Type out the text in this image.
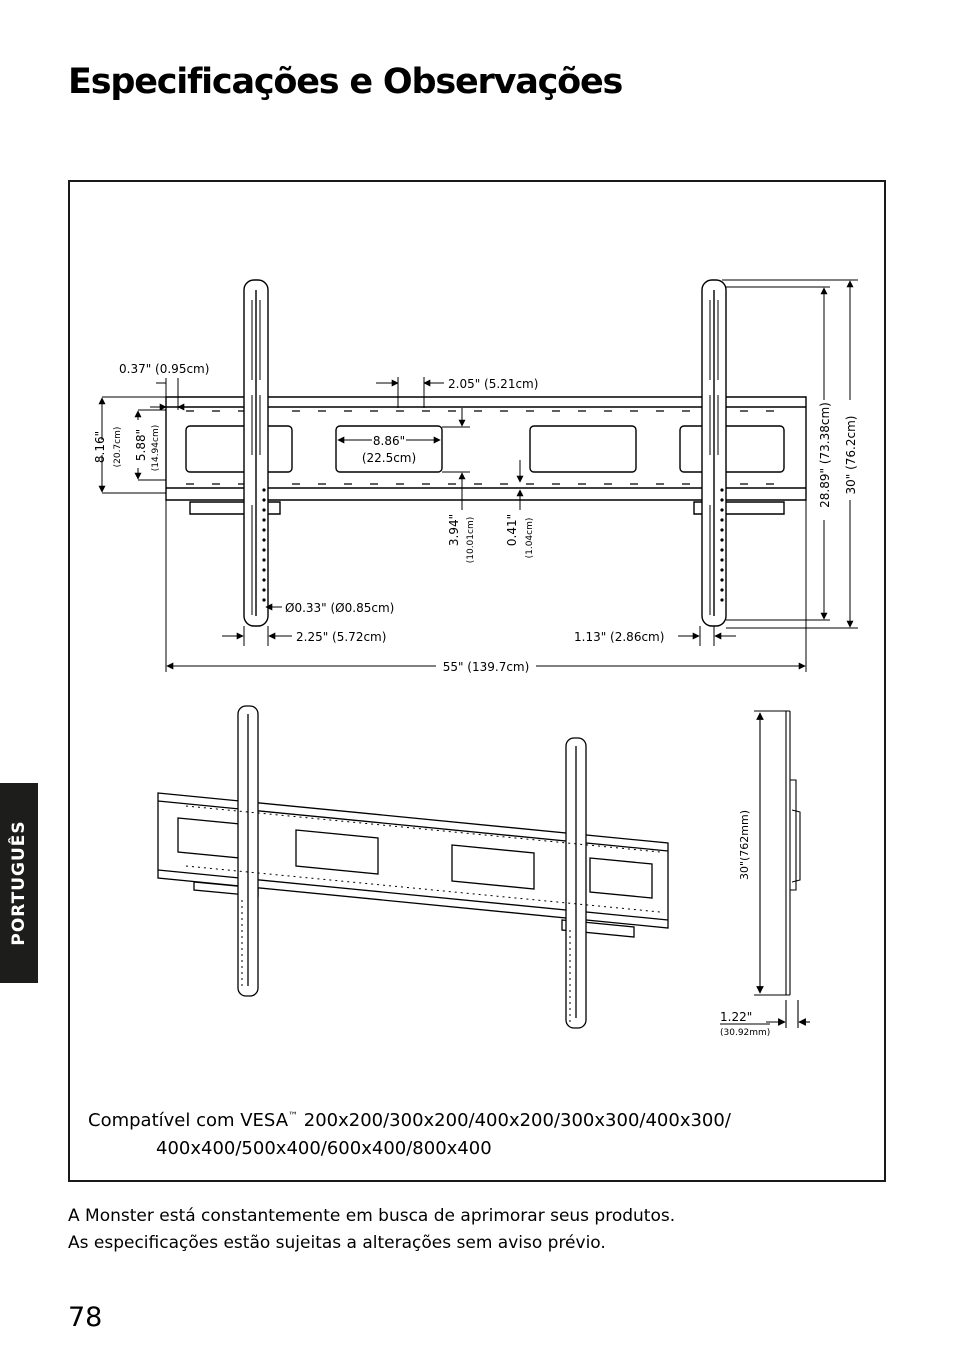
Especificações e Observações
0.37" (0.95cm)
2.05" (5.21cm)
8.16" (20.7cm) 5.88" (14.94cm)	8.86"
(22.5cm)
3.94" (10.01cm) 0.41" (1.04cm)
28.89" (73.38cm) 30" (76.2cm)
Ø0.33" (Ø0.85cm)
2.25" (5.72cm)	1.13" (2.86cm)
55" (139.7cm)
30"(762mm)
1.22"
(30.92mm)
Compatível com VESA™ 200x200/300x200/400x200/300x300/400x300/
400x400/500x400/600x400/800x400
A Monster está constantemente em busca de aprimorar seus produtos.
As especificações estão sujeitas a alterações sem aviso prévio.
PORTUGUÊS
78
